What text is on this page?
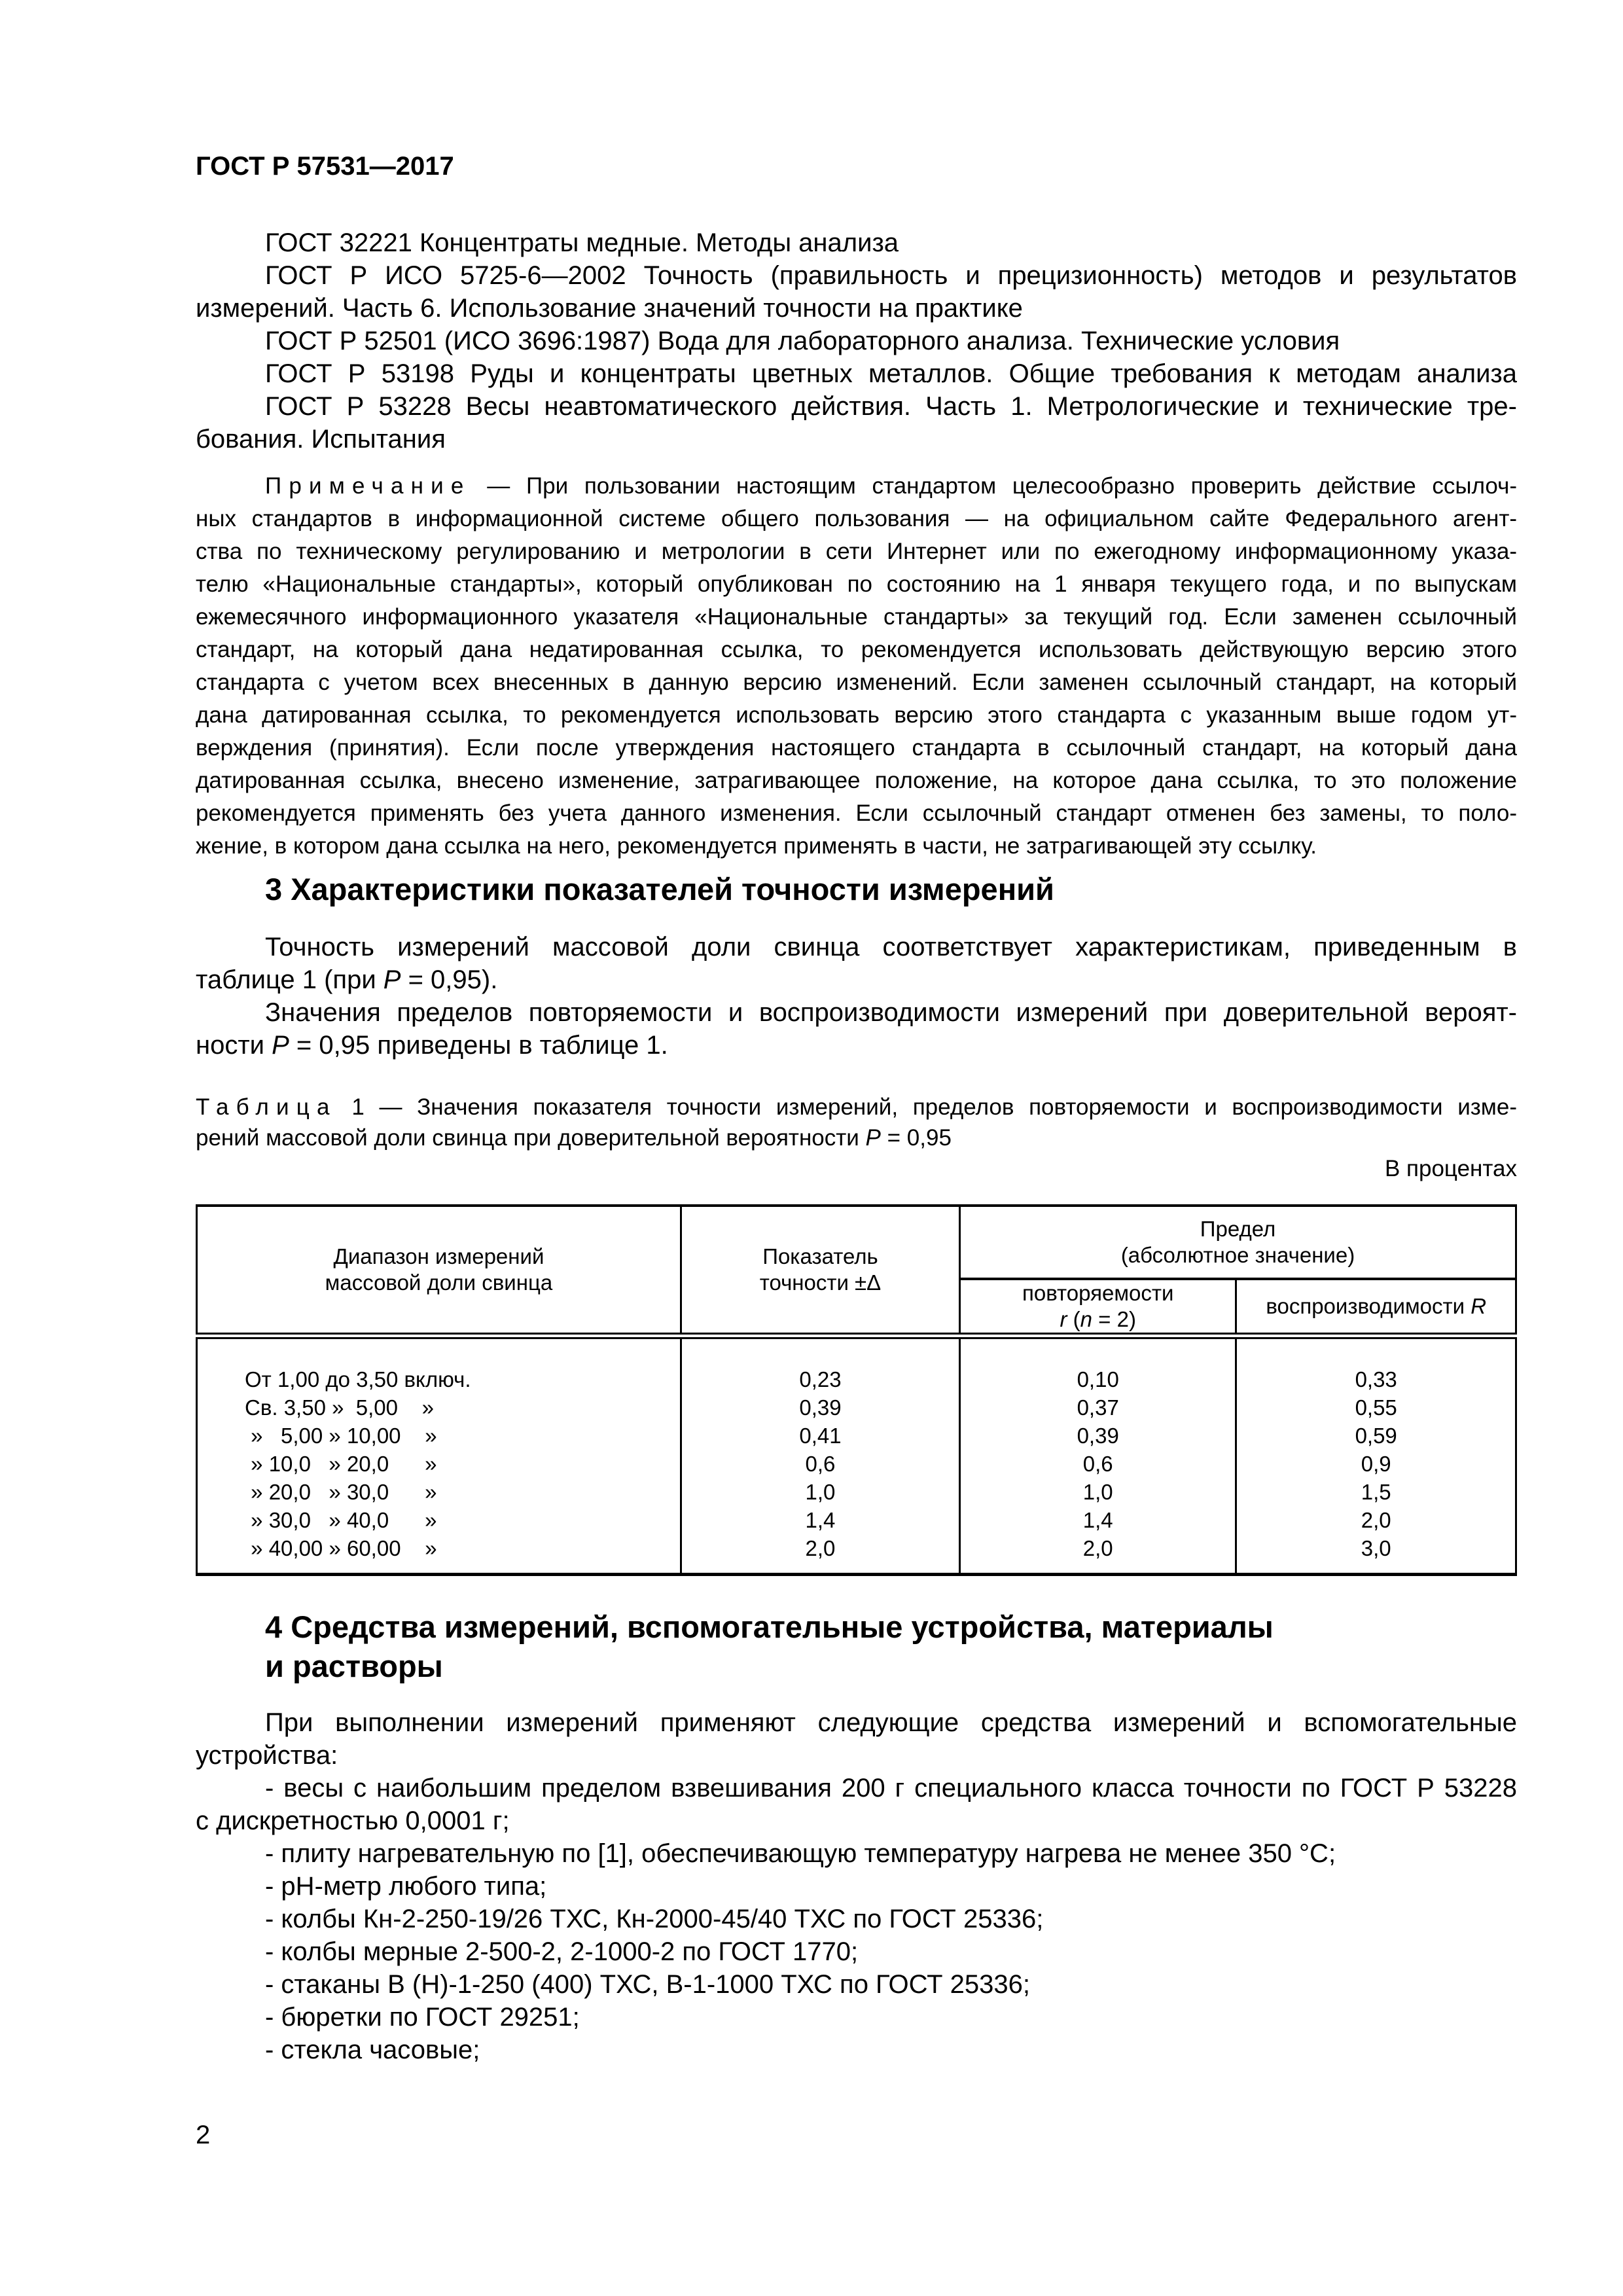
ГОСТ Р 57531—2017
ГОСТ 32221 Концентраты медные. Методы анализа
ГОСТ Р ИСО 5725-6—2002 Точность (правильность и прецизионность) методов и результатов
измерений. Часть 6. Использование значений точности на практике
ГОСТ Р 52501 (ИСО 3696:1987) Вода для лабораторного анализа. Технические условия
ГОСТ Р 53198 Руды и концентраты цветных металлов. Общие требования к методам анализа
ГОСТ Р 53228 Весы неавтоматического действия. Часть 1. Метрологические и технические тре-
бования. Испытания
Примечание — При пользовании настоящим стандартом целесообразно проверить действие ссылоч-
ных стандартов в информационной системе общего пользования — на официальном сайте Федерального агент-
ства по техническому регулированию и метрологии в сети Интернет или по ежегодному информационному указа-
телю «Национальные стандарты», который опубликован по состоянию на 1 января текущего года, и по выпускам
ежемесячного информационного указателя «Национальные стандарты» за текущий год. Если заменен ссылочный
стандарт, на который дана недатированная ссылка, то рекомендуется использовать действующую версию этого
стандарта с учетом всех внесенных в данную версию изменений. Если заменен ссылочный стандарт, на который
дана датированная ссылка, то рекомендуется использовать версию этого стандарта с указанным выше годом ут-
верждения (принятия). Если после утверждения настоящего стандарта в ссылочный стандарт, на который дана
датированная ссылка, внесено изменение, затрагивающее положение, на которое дана ссылка, то это положение
рекомендуется применять без учета данного изменения. Если ссылочный стандарт отменен без замены, то поло-
жение, в котором дана ссылка на него, рекомендуется применять в части, не затрагивающей эту ссылку.
3 Характеристики показателей точности измерений
Точность измерений массовой доли свинца соответствует характеристикам, приведенным в
таблице 1 (при P = 0,95).
Значения пределов повторяемости и воспроизводимости измерений при доверительной вероят-
ности P = 0,95 приведены в таблице 1.
Таблица 1 — Значения показателя точности измерений, пределов повторяемости и воспроизводимости изме-
рений массовой доли свинца при доверительной вероятности P = 0,95
В процентах
Диапазон измерений
массовой доли свинца	Показатель
точности ±Δ	Предел
(абсолютное значение)	
		повторяемости
r (n = 2)	воспроизводимости R
От 1,00 до 3,50 включ.	0,23	0,10	0,33
Св. 3,50 »  5,00    »	0,39	0,37	0,55
»   5,00 » 10,00    »	0,41	0,39	0,59
» 10,0   » 20,0      »	0,6	0,6	0,9
» 20,0   » 30,0      »	1,0	1,0	1,5
» 30,0   » 40,0      »	1,4	1,4	2,0
» 40,00 » 60,00    »	2,0	2,0	3,0
4 Средства измерений, вспомогательные устройства, материалы
и растворы
При выполнении измерений применяют следующие средства измерений и вспомогательные
устройства:
- весы с наибольшим пределом взвешивания 200 г специального класса точности по ГОСТ Р 53228
с дискретностью 0,0001 г;
- плиту нагревательную по [1], обеспечивающую температуру нагрева не менее 350 °С;
- pH-метр любого типа;
- колбы Кн-2-250-19/26 ТХС, Кн-2000-45/40 ТХС по ГОСТ 25336;
- колбы мерные 2-500-2, 2-1000-2 по ГОСТ 1770;
- стаканы В (Н)-1-250 (400) ТХС, В-1-1000 ТХС по ГОСТ 25336;
- бюретки по ГОСТ 29251;
- стекла часовые;
2
